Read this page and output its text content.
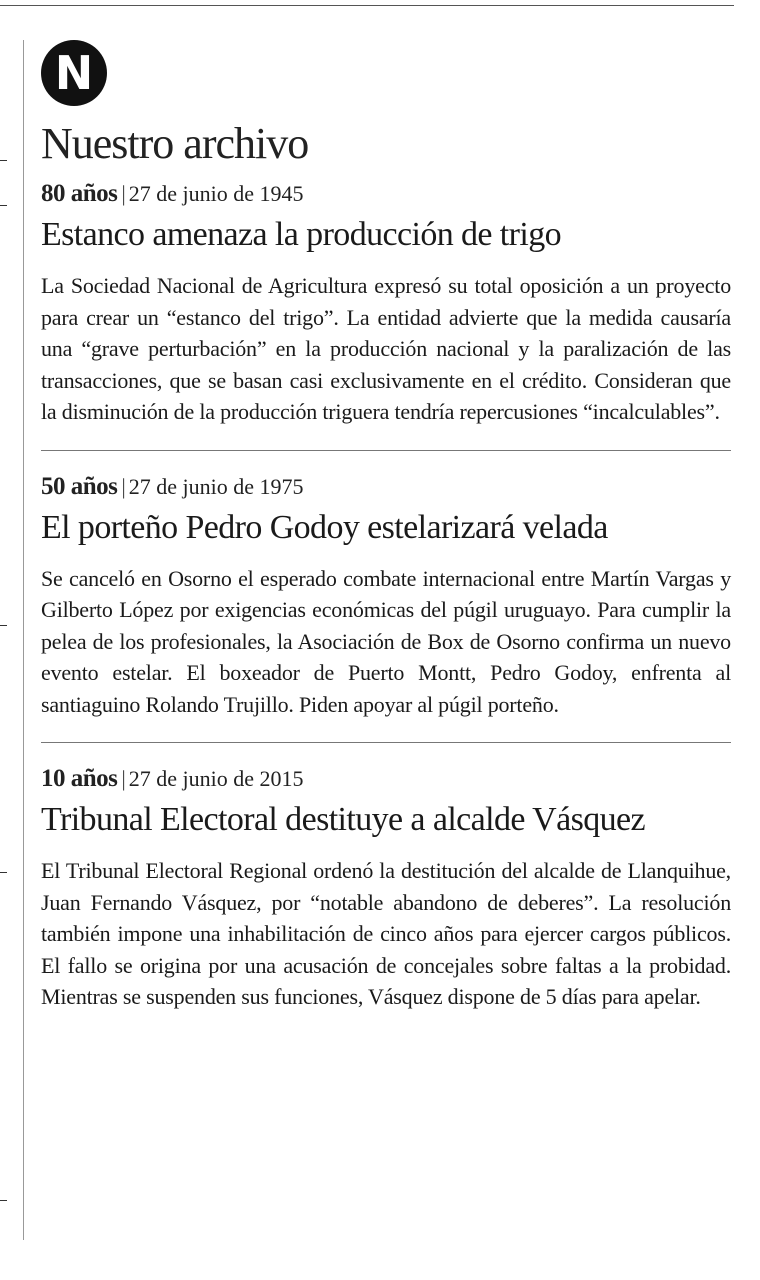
N
Nuestro archivo
80 años | 27 de junio de 1945
Estanco amenaza la producción de trigo

La Sociedad Nacional de Agricultura expresó su total oposición a un proyecto para crear un “estanco del trigo”. La entidad advierte que la medida causaría una “grave perturbación” en la producción nacional y la paralización de las transacciones, que se basan casi exclusivamente en el crédito. Consideran que la disminución de la producción triguera tendría repercusiones “incalculables”.

50 años | 27 de junio de 1975
El porteño Pedro Godoy estelarizará velada

Se canceló en Osorno el esperado combate internacional entre Martín Vargas y Gilberto López por exigencias económicas del púgil uruguayo. Para cumplir la pelea de los profesionales, la Asociación de Box de Osorno confirma un nuevo evento estelar. El boxeador de Puerto Montt, Pedro Godoy, enfrenta al santiaguino Rolando Trujillo. Piden apoyar al púgil porteño.

10 años | 27 de junio de 2015
Tribunal Electoral destituye a alcalde Vásquez

El Tribunal Electoral Regional ordenó la destitución del alcalde de Llanquihue, Juan Fernando Vásquez, por “notable abandono de deberes”. La resolución también impone una inhabilitación de cinco años para ejercer cargos públicos. El fallo se origina por una acusación de concejales sobre faltas a la probidad. Mientras se suspenden sus funciones, Vásquez dispone de 5 días para apelar.
